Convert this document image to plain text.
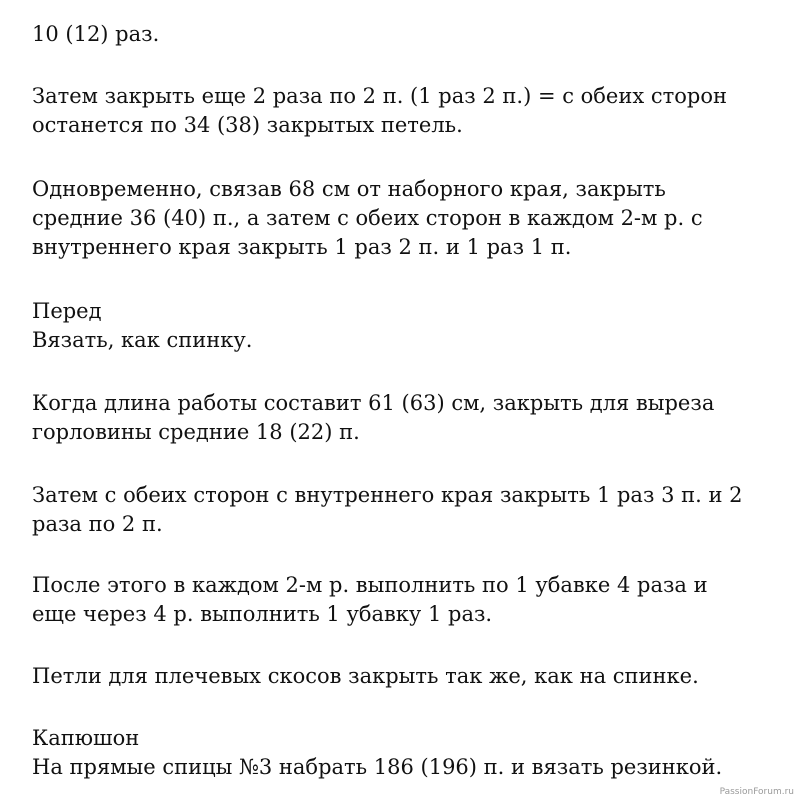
10 (12) раз.

Затем закрыть еще 2 раза по 2 п. (1 раз 2 п.) = с обеих сторон
останется по 34 (38) закрытых петель.

Одновременно, связав 68 см от наборного края, закрыть
средние 36 (40) п., а затем с обеих сторон в каждом 2-м р. с
внутреннего края закрыть 1 раз 2 п. и 1 раз 1 п.

Перед
Вязать, как спинку.

Когда длина работы составит 61 (63) см, закрыть для выреза
горловины средние 18 (22) п.

Затем с обеих сторон с внутреннего края закрыть 1 раз 3 п. и 2
раза по 2 п.

После этого в каждом 2-м р. выполнить по 1 убавке 4 раза и
еще через 4 р. выполнить 1 убавку 1 раз.

Петли для плечевых скосов закрыть так же, как на спинке.

Капюшон
На прямые спицы №3 набрать 186 (196) п. и вязать резинкой.

PassionForum.ru
